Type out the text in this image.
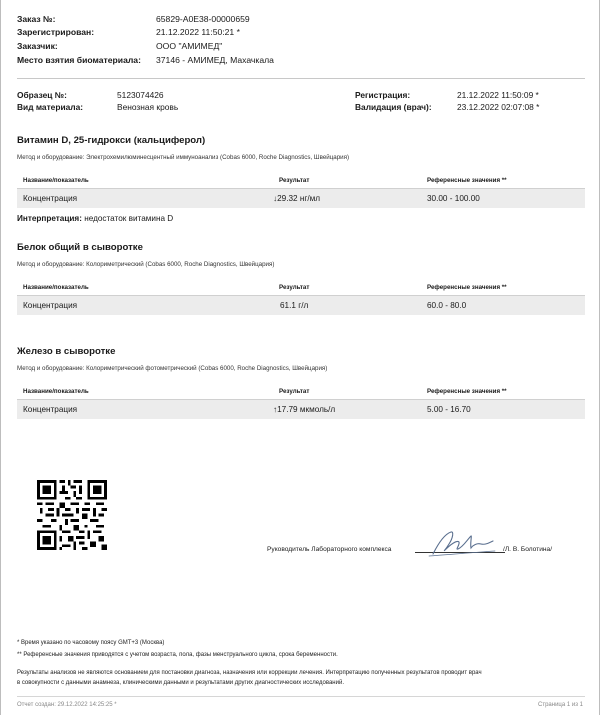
Заказ №:	65829-A0E38-00000659
Зарегистрирован:	21.12.2022 11:50:21 *
Заказчик:	ООО "АМИМЕД"
Место взятия биоматериала:	37146 - АМИМЕД, Махачкала
Образец №:	5123074426
Вид материала:	Венозная кровь
Регистрация:	21.12.2022 11:50:09 *
Валидация (врач):	23.12.2022 02:07:08 *
Витамин D, 25-гидрокси (кальциферол)
Метод и оборудование: Электрохемилюминесцентный иммуноанализ (Cobas 6000, Roche Diagnostics, Швейцария)
Название/показатель	Результат	Референсные значения **
Концентрация	↓29.32 нг/мл	30.00 - 100.00
Интерпретация: недостаток витамина D
Белок общий в сыворотке
Метод и оборудование: Колориметрический (Cobas 6000, Roche Diagnostics, Швейцария)
Название/показатель	Результат	Референсные значения **
Концентрация	61.1 г/л	60.0 - 80.0
Железо в сыворотке
Метод и оборудование: Колориметрический фотометрический (Cobas 6000, Roche Diagnostics, Швейцария)
Название/показатель	Результат	Референсные значения **
Концентрация	↑17.79 мкмоль/л	5.00 - 16.70
Руководитель Лабораторного комплекса	/Л. В. Болотина/
* Время указано по часовому поясу GMT+3 (Москва)
** Референсные значения приводятся с учетом возраста, пола, фазы менструального цикла, срока беременности.
Результаты анализов не являются основанием для постановки диагноза, назначения или коррекции лечения. Интерпретацию полученных результатов проводит врач
в совокупности с данными анамнеза, клиническими данными и результатами других диагностических исследований.
Отчет создан: 29.12.2022 14:25:25 *	Страница 1 из 1
